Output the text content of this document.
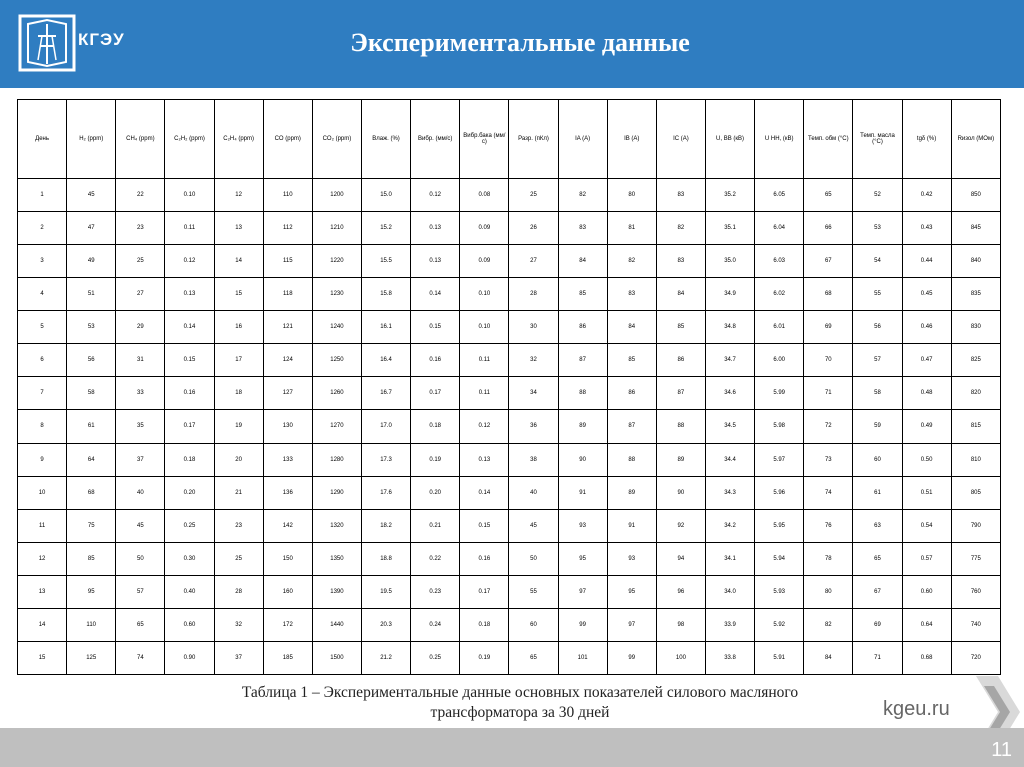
КГЭУ	Экспериментальные данные
День	H₂ (ppm)	CH₄ (ppm)	C₂H₂ (ppm)	C₂H₄ (ppm)	CO (ppm)	CO₂ (ppm)	Влаж. (%)	Вибр. (мм/с)	Вибр.бака (мм/с)	Разр. (пКл)	IA (A)	IB (A)	IC (A)	U, BB (кВ)	U HH, (кВ)	Темп. обм (°C)	Темп. масла (°C)	tgδ (%)	Rизол (МОм)
1	45	22	0.10	12	110	1200	15.0	0.12	0.08	25	82	80	83	35.2	6.05	65	52	0.42	850
2	47	23	0.11	13	112	1210	15.2	0.13	0.09	26	83	81	82	35.1	6.04	66	53	0.43	845
3	49	25	0.12	14	115	1220	15.5	0.13	0.09	27	84	82	83	35.0	6.03	67	54	0.44	840
4	51	27	0.13	15	118	1230	15.8	0.14	0.10	28	85	83	84	34.9	6.02	68	55	0.45	835
5	53	29	0.14	16	121	1240	16.1	0.15	0.10	30	86	84	85	34.8	6.01	69	56	0.46	830
6	56	31	0.15	17	124	1250	16.4	0.16	0.11	32	87	85	86	34.7	6.00	70	57	0.47	825
7	58	33	0.16	18	127	1260	16.7	0.17	0.11	34	88	86	87	34.6	5.99	71	58	0.48	820
8	61	35	0.17	19	130	1270	17.0	0.18	0.12	36	89	87	88	34.5	5.98	72	59	0.49	815
9	64	37	0.18	20	133	1280	17.3	0.19	0.13	38	90	88	89	34.4	5.97	73	60	0.50	810
10	68	40	0.20	21	136	1290	17.6	0.20	0.14	40	91	89	90	34.3	5.96	74	61	0.51	805
11	75	45	0.25	23	142	1320	18.2	0.21	0.15	45	93	91	92	34.2	5.95	76	63	0.54	790
12	85	50	0.30	25	150	1350	18.8	0.22	0.16	50	95	93	94	34.1	5.94	78	65	0.57	775
13	95	57	0.40	28	160	1390	19.5	0.23	0.17	55	97	95	96	34.0	5.93	80	67	0.60	760
14	110	65	0.60	32	172	1440	20.3	0.24	0.18	60	99	97	98	33.9	5.92	82	69	0.64	740
15	125	74	0.90	37	185	1500	21.2	0.25	0.19	65	101	99	100	33.8	5.91	84	71	0.68	720
Таблица 1 – Экспериментальные данные основных показателей силового масляного
трансформатора за 30 дней	kgeu.ru
11
